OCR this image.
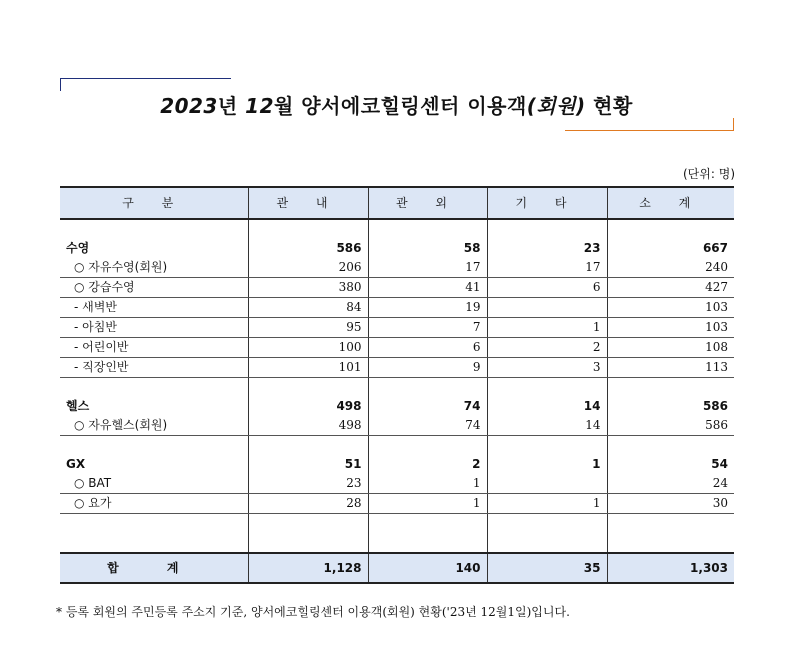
2023년 12월 양서에코힐링센터 이용객(회원) 현황
(단위: 명)
구 분	관 내	관 외	기 타	소 계

수영	586	58	23	667
○ 자유수영(회원)	206	17	17	240
○ 강습수영	380	41	6	427
- 새벽반	84	19		103
- 아침반	95	7	1	103
- 어린이반	100	6	2	108
- 직장인반	101	9	3	113

헬스	498	74	14	586
○ 자유헬스(회원)	498	74	14	586

GX	51	2	1	54
○ BAT	23	1		24
○ 요가	28	1	1	30

합 계	1,128	140	35	1,303
* 등록 회원의 주민등록 주소지 기준, 양서에코힐링센터 이용객(회원) 현황('23년 12월1일)입니다.
